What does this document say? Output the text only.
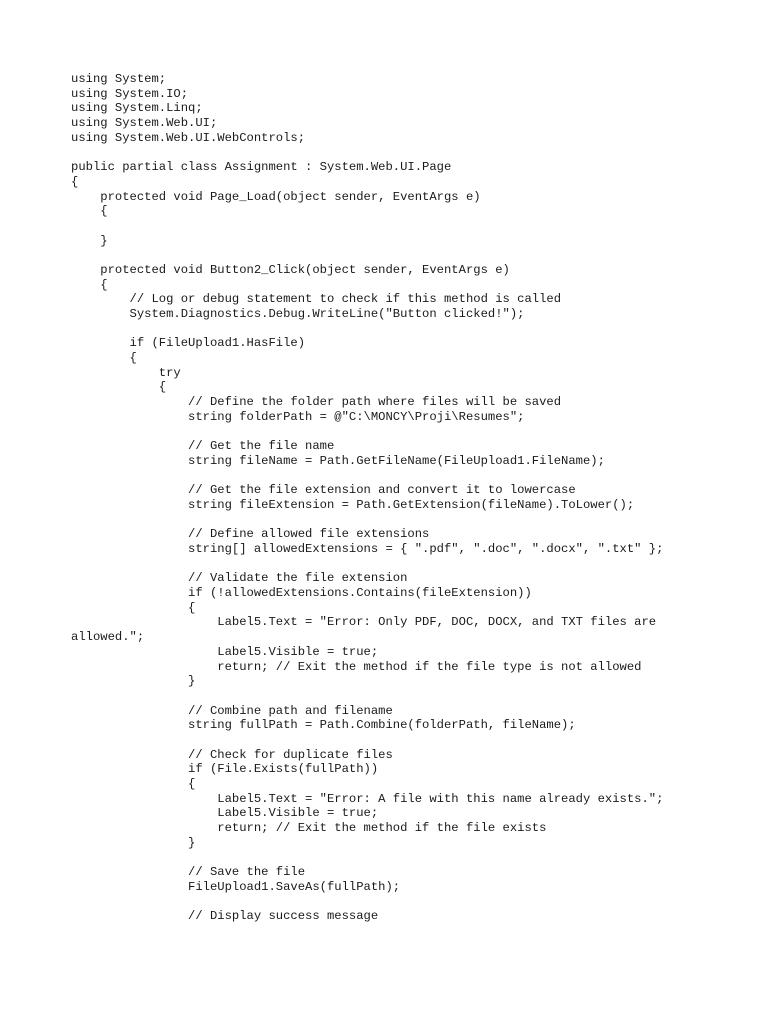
using System;
using System.IO;
using System.Linq;
using System.Web.UI;
using System.Web.UI.WebControls;
public partial class Assignment : System.Web.UI.Page
{
protected void Page_Load(object sender, EventArgs e)
{
}
protected void Button2_Click(object sender, EventArgs e)
{
// Log or debug statement to check if this method is called
System.Diagnostics.Debug.WriteLine("Button clicked!");
if (FileUpload1.HasFile)
{
try
{
// Define the folder path where files will be saved
string folderPath = @"C:\MONCY\Proji\Resumes";
// Get the file name
string fileName = Path.GetFileName(FileUpload1.FileName);
// Get the file extension and convert it to lowercase
string fileExtension = Path.GetExtension(fileName).ToLower();
// Define allowed file extensions
string[] allowedExtensions = { ".pdf", ".doc", ".docx", ".txt" };
// Validate the file extension
if (!allowedExtensions.Contains(fileExtension))
{
Label5.Text = "Error: Only PDF, DOC, DOCX, and TXT files are
allowed.";
Label5.Visible = true;
return; // Exit the method if the file type is not allowed
}
// Combine path and filename
string fullPath = Path.Combine(folderPath, fileName);
// Check for duplicate files
if (File.Exists(fullPath))
{
Label5.Text = "Error: A file with this name already exists.";
Label5.Visible = true;
return; // Exit the method if the file exists
}
// Save the file
FileUpload1.SaveAs(fullPath);
// Display success message
